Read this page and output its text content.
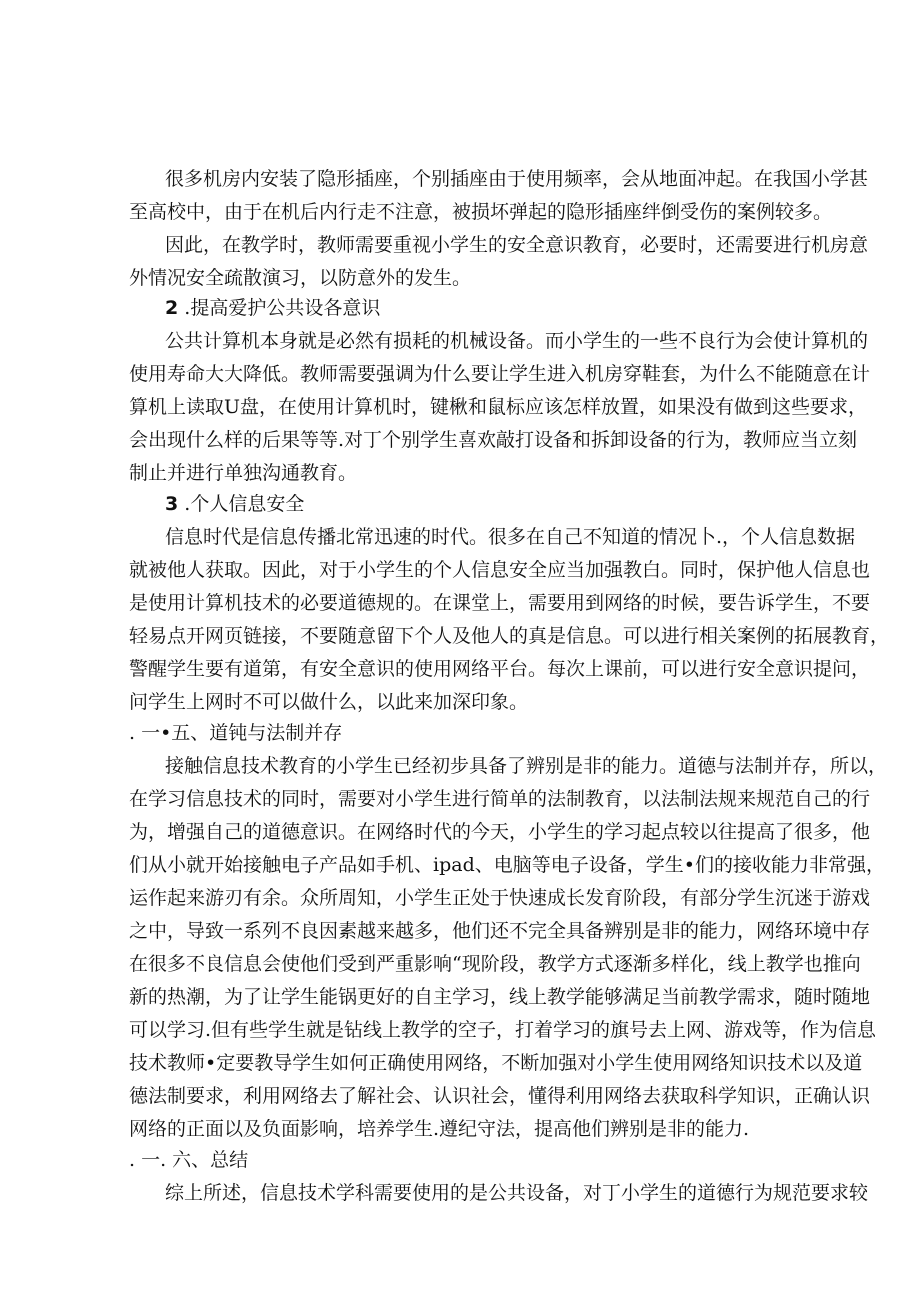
很多机房内安装了隐形插座，个别插座由于使用频率，会从地面冲起。在我国小学甚
至高校中，由于在机后内行走不注意，被损坏弹起的隐形插座绊倒受伤的案例较多。
因此，在教学时，教师需要重视小学生的安全意识教育，必要时，还需要进行机房意
外情况安全疏散演习，以防意外的发生。
2 .提高爱护公共设各意识
公共计算机本身就是必然有损耗的机械设备。而小学生的一些不良行为会使计算机的
使用寿命大大降低。教师需要强调为什么要让学生进入机房穿鞋套，为什么不能随意在计
算机上读取U盘，在使用计算机时，键楸和鼠标应该怎样放置，如果没有做到这些要求，
会出现什么样的后果等等.对丁个别学生喜欢敲打设备和拆卸设备的行为，教师应当立刻
制止并进行单独沟通教育。
3 .个人信息安全
信息时代是信息传播北常迅速的时代。很多在自己不知道的情况卜.，个人信息数据
就被他人获取。因此，对于小学生的个人信息安全应当加强教白。同时，保护他人信息也
是使用计算机技术的必要道德规的。在课堂上，需要用到网络的时候，要告诉学生，不要
轻易点开网页链接，不要随意留下个人及他人的真是信息。可以进行相关案例的拓展教育，
警醒学生要有道第，有安全意识的使用网络平台。每次上课前，可以进行安全意识提问，
问学生上网时不可以做什么，以此来加深印象。
. 一•五、道钝与法制并存
接触信息技术教育的小学生已经初步具备了辨别是非的能力。道德与法制并存，所以，
在学习信息技术的同时，需要对小学生进行简单的法制教育，以法制法规来规范自己的行
为，增强自己的道德意识。在网络时代的今天，小学生的学习起点较以往提高了很多，他
们从小就开始接触电子产品如手机、ipad、电脑等电子设备，学生•们的接收能力非常强，
运作起来游刃有余。众所周知，小学生正处于快速成长发育阶段，有部分学生沉迷于游戏
之中，导致一系列不良因素越来越多，他们还不完全具备辨别是非的能力，网络环境中存
在很多不良信息会使他们受到严重影响“现阶段，教学方式逐渐多样化，线上教学也推向
新的热潮，为了让学生能锅更好的自主学习，线上教学能够满足当前教学需求，随时随地
可以学习.但有些学生就是钻线上教学的空子，打着学习的旗号去上网、游戏等，作为信息
技术教师•定要教导学生如何正确使用网络，不断加强对小学生使用网络知识技术以及道
德法制要求，利用网络去了解社会、认识社会，懂得利用网络去获取科学知识，正确认识
网络的正面以及负面影响，培养学生.遵纪守法，提高他们辨别是非的能力.
. 一. 六、总结
综上所述，信息技术学科需要使用的是公共设备，对丁小学生的道德行为规范要求较
